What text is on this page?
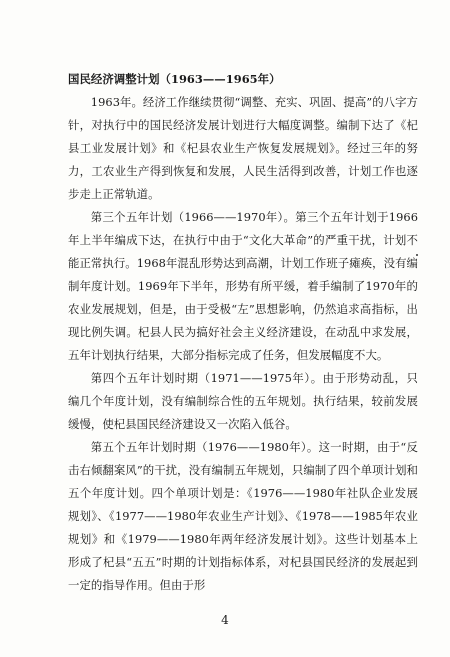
国民经济调整计划（1963——1965年）

1963年。经济工作继续贯彻“调整、充实、巩固、提高”的八字方针，对执行中的国民经济发展计划进行大幅度调整。编制下达了《杞县工业发展计划》和《杞县农业生产恢复发展规划》。经过三年的努力，工农业生产得到恢复和发展，人民生活得到改善，计划工作也逐步走上正常轨道。

第三个五年计划（1966——1970年）。第三个五年计划于1966年上半年编成下达，在执行中由于“文化大革命”的严重干扰，计划不能正常执行。1968年混乱形势达到高潮，计划工作班子瘫痪，没有编制年度计划。1969年下半年，形势有所平缓，着手编制了1970年的农业发展规划，但是，由于受极“左”思想影响，仍然追求高指标，出现比例失调。杞县人民为搞好社会主义经济建设，在动乱中求发展，五年计划执行结果，大部分指标完成了任务，但发展幅度不大。

第四个五年计划时期（1971——1975年）。由于形势动乱，只编几个年度计划，没有编制综合性的五年规划。执行结果，较前发展缓慢，使杞县国民经济建设又一次陷入低谷。

第五个五年计划时期（1976——1980年）。这一时期，由于“反击右倾翻案风”的干扰，没有编制五年规划，只编制了四个单项计划和五个年度计划。四个单项计划是：《1976——1980年社队企业发展规划》、《1977——1980年农业生产计划》、《1978——1985年农业规划》和《1979——1980年两年经济发展计划》。这些计划基本上形成了杞县“五五”时期的计划指标体系，对杞县国民经济的发展起到一定的指导作用。但由于形

4
